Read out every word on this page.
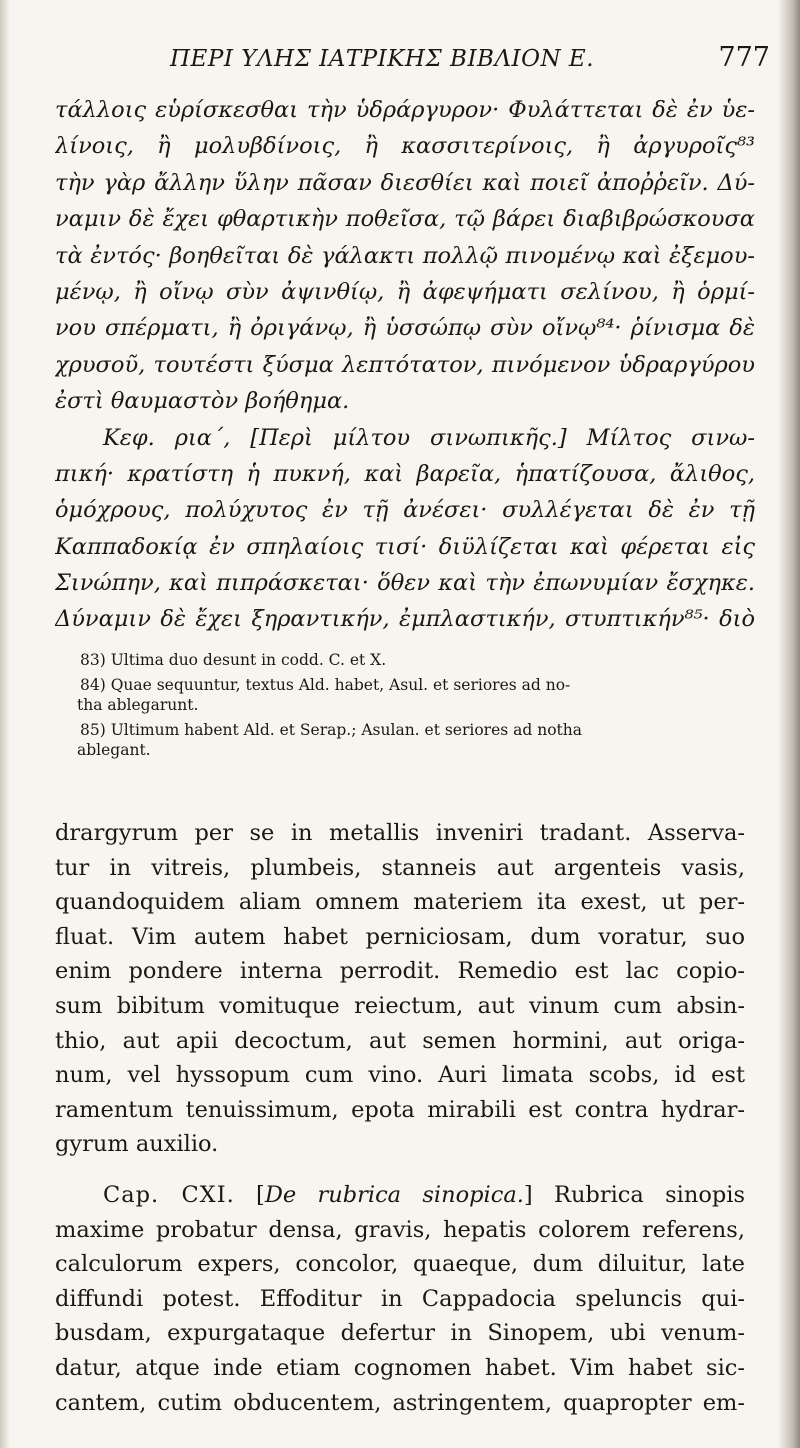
ΠΕΡΙ ΥΛΗΣ ΙΑΤΡΙΚΗΣ ΒΙΒΛΙΟΝ Ε.	777
τάλλοις εὑρίσκεσθαι τὴν ὑδράργυρον· Φυλάττεται δὲ ἐν ὑε-
λίνοις, ἢ μολυβδίνοις, ἢ κασσιτερίνοις, ἢ ἀργυροῖς⁸³
τὴν γὰρ ἄλλην ὕλην πᾶσαν διεσθίει καὶ ποιεῖ ἀποῤῥεῖν. Δύ-
ναμιν δὲ ἔχει φθαρτικὴν ποθεῖσα, τῷ βάρει διαβιβρώσκουσα
τὰ ἐντός· βοηθεῖται δὲ γάλακτι πολλῷ πινομένῳ καὶ ἐξεμου-
μένῳ, ἢ οἴνῳ σὺν ἀψινθίῳ, ἢ ἀφεψήματι σελίνου, ἢ ὁρμί-
νου σπέρματι, ἢ ὀριγάνῳ, ἢ ὑσσώπῳ σὺν οἴνῳ⁸⁴· ῥίνισμα δὲ
χρυσοῦ, τουτέστι ξύσμα λεπτότατον, πινόμενον ὑδραργύρου
ἐστὶ θαυμαστὸν βοήθημα.
Κεφ. ρια΄, [Περὶ μίλτου σινωπικῆς.] Μίλτος σινω-
πική· κρατίστη ἡ πυκνή, καὶ βαρεῖα, ἡπατίζουσα, ἄλιθος,
ὁμόχρους, πολύχυτος ἐν τῇ ἀνέσει· συλλέγεται δὲ ἐν τῇ
Καππαδοκίᾳ ἐν σπηλαίοις τισί· διϋλίζεται καὶ φέρεται εἰς
Σινώπην, καὶ πιπράσκεται· ὅθεν καὶ τὴν ἐπωνυμίαν ἔσχηκε.
Δύναμιν δὲ ἔχει ξηραντικήν, ἐμπλαστικήν, στυπτικήν⁸⁵· διὸ
83) Ultima duo desunt in codd. C. et X.
84) Quae sequuntur, textus Ald. habet, Asul. et seriores ad no-
tha ablegarunt.
85) Ultimum habent Ald. et Serap.; Asulan. et seriores ad notha
ablegant.
drargyrum per se in metallis inveniri tradant. Asserva-
tur in vitreis, plumbeis, stanneis aut argenteis vasis,
quandoquidem aliam omnem materiem ita exest, ut per-
fluat. Vim autem habet perniciosam, dum voratur, suo
enim pondere interna perrodit. Remedio est lac copio-
sum bibitum vomituque reiectum, aut vinum cum absin-
thio, aut apii decoctum, aut semen hormini, aut origa-
num, vel hyssopum cum vino. Auri limata scobs, id est
ramentum tenuissimum, epota mirabili est contra hydrar-
gyrum auxilio.
Cap. CXI. [De rubrica sinopica.] Rubrica sinopis
maxime probatur densa, gravis, hepatis colorem referens,
calculorum expers, concolor, quaeque, dum diluitur, late
diffundi potest. Effoditur in Cappadocia speluncis qui-
busdam, expurgataque defertur in Sinopem, ubi venum-
datur, atque inde etiam cognomen habet. Vim habet sic-
cantem, cutim obducentem, astringentem, quapropter em-
